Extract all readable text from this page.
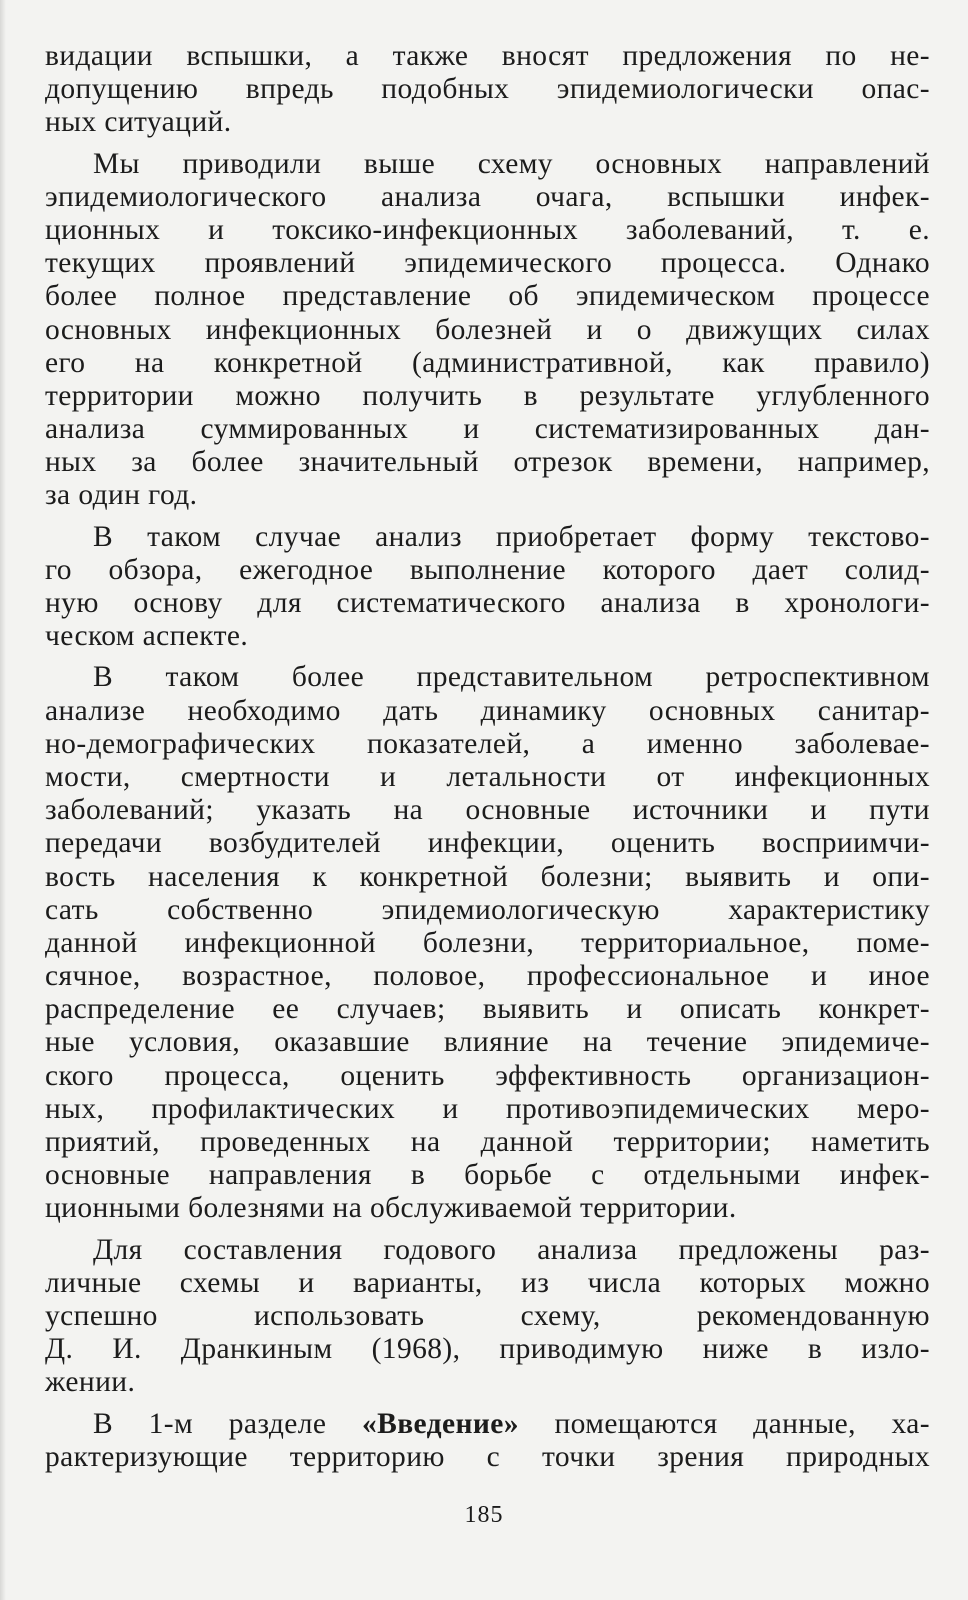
видации вспышки, а также вносят предложения по не-
допущению впредь подобных эпидемиологически опас-
ных ситуаций.
Мы приводили выше схему основных направлений
эпидемиологического анализа очага, вспышки инфек-
ционных и токсико-инфекционных заболеваний, т. е.
текущих проявлений эпидемического процесса. Однако
более полное представление об эпидемическом процессе
основных инфекционных болезней и о движущих силах
его на конкретной (административной, как правило)
территории можно получить в результате углубленного
анализа суммированных и систематизированных дан-
ных за более значительный отрезок времени, например,
за один год.
В таком случае анализ приобретает форму текстово-
го обзора, ежегодное выполнение которого дает солид-
ную основу для систематического анализа в хронологи-
ческом аспекте.
В таком более представительном ретроспективном
анализе необходимо дать динамику основных санитар-
но-демографических показателей, а именно заболевае-
мости, смертности и летальности от инфекционных
заболеваний; указать на основные источники и пути
передачи возбудителей инфекции, оценить восприимчи-
вость населения к конкретной болезни; выявить и опи-
сать собственно эпидемиологическую характеристику
данной инфекционной болезни, территориальное, поме-
сячное, возрастное, половое, профессиональное и иное
распределение ее случаев; выявить и описать конкрет-
ные условия, оказавшие влияние на течение эпидемиче-
ского процесса, оценить эффективность организацион-
ных, профилактических и противоэпидемических меро-
приятий, проведенных на данной территории; наметить
основные направления в борьбе с отдельными инфек-
ционными болезнями на обслуживаемой территории.
Для составления годового анализа предложены раз-
личные схемы и варианты, из числа которых можно
успешно использовать схему, рекомендованную
Д. И. Дранкиным (1968), приводимую ниже в изло-
жении.
В 1-м разделе «Введение» помещаются данные, ха-
рактеризующие территорию с точки зрения природных
185
